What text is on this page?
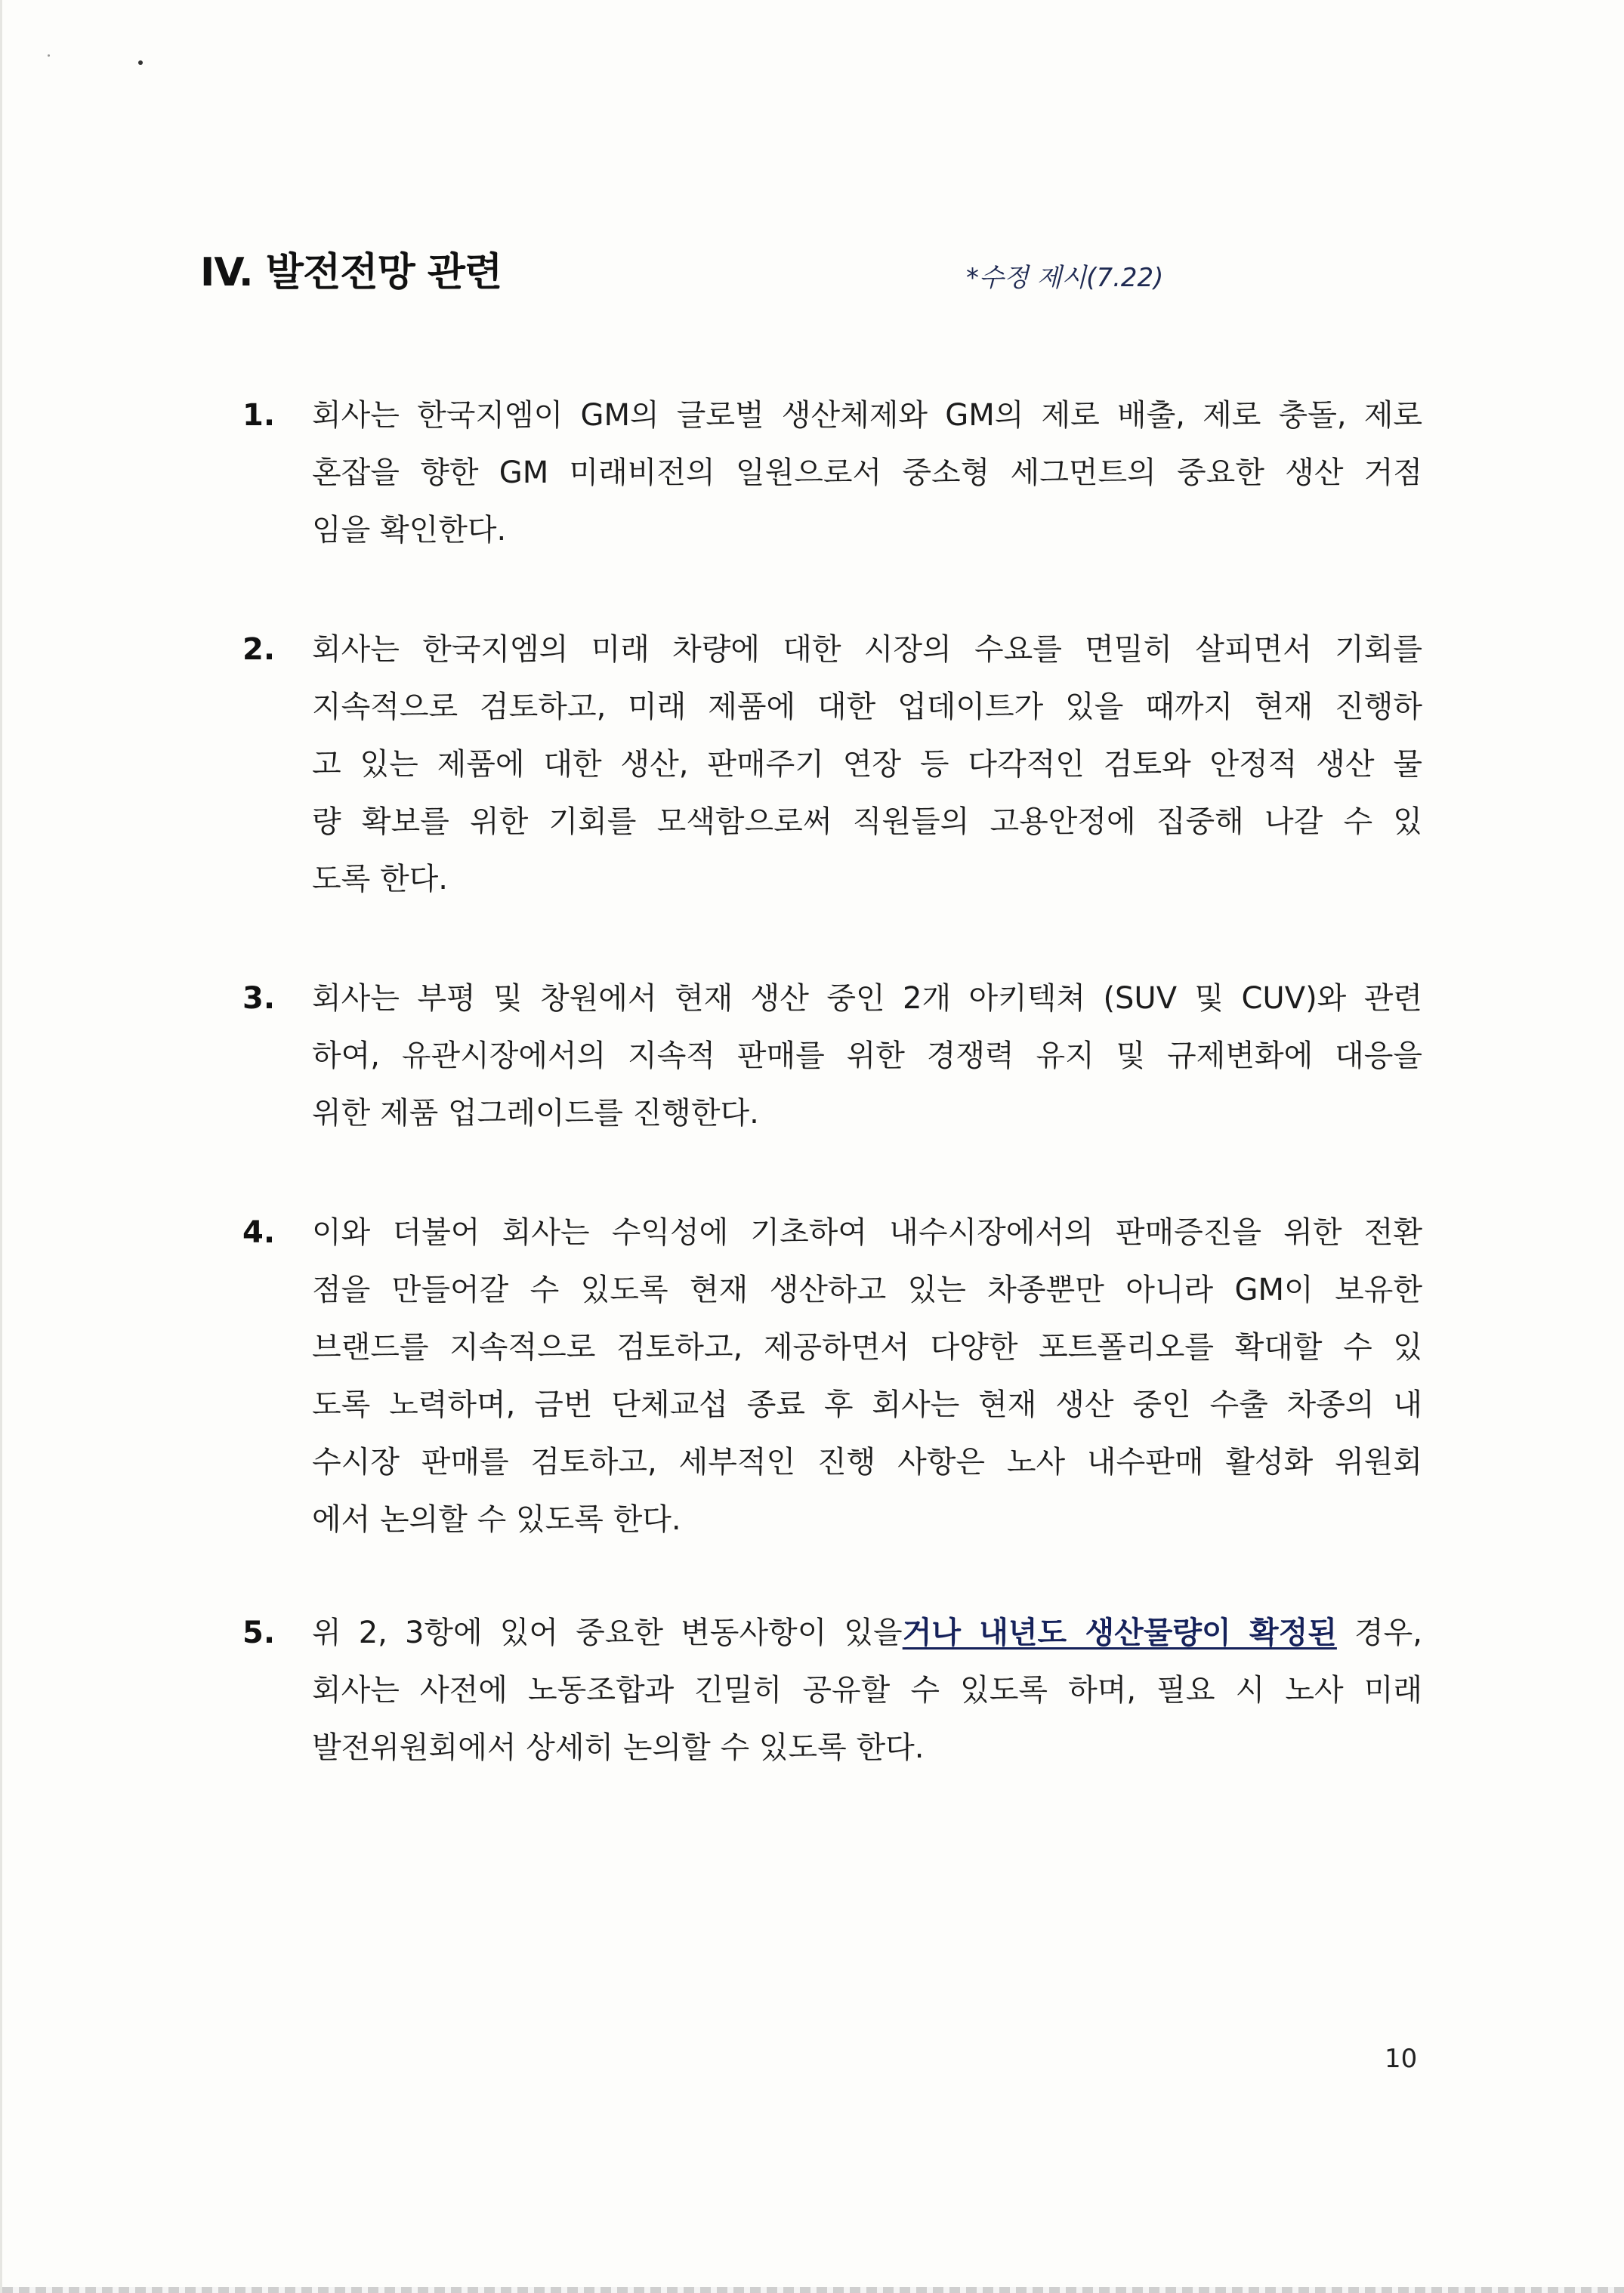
IV. 발전전망 관련	*수정 제시(7.22)
1. 회사는 한국지엠이 GM의 글로벌 생산체제와 GM의 제로 배출, 제로 충돌, 제로
혼잡을 향한 GM 미래비전의 일원으로서 중소형 세그먼트의 중요한 생산 거점
임을 확인한다.
2. 회사는 한국지엠의 미래 차량에 대한 시장의 수요를 면밀히 살피면서 기회를
지속적으로 검토하고, 미래 제품에 대한 업데이트가 있을 때까지 현재 진행하
고 있는 제품에 대한 생산, 판매주기 연장 등 다각적인 검토와 안정적 생산 물
량 확보를 위한 기회를 모색함으로써 직원들의 고용안정에 집중해 나갈 수 있
도록 한다.
3. 회사는 부평 및 창원에서 현재 생산 중인 2개 아키텍쳐 (SUV 및 CUV)와 관련
하여, 유관시장에서의 지속적 판매를 위한 경쟁력 유지 및 규제변화에 대응을
위한 제품 업그레이드를 진행한다.
4. 이와 더불어 회사는 수익성에 기초하여 내수시장에서의 판매증진을 위한 전환
점을 만들어갈 수 있도록 현재 생산하고 있는 차종뿐만 아니라 GM이 보유한
브랜드를 지속적으로 검토하고, 제공하면서 다양한 포트폴리오를 확대할 수 있
도록 노력하며, 금번 단체교섭 종료 후 회사는 현재 생산 중인 수출 차종의 내
수시장 판매를 검토하고, 세부적인 진행 사항은 노사 내수판매 활성화 위원회
에서 논의할 수 있도록 한다.
5. 위 2, 3항에 있어 중요한 변동사항이 있을거나 내년도 생산물량이 확정된 경우,
회사는 사전에 노동조합과 긴밀히 공유할 수 있도록 하며, 필요 시 노사 미래
발전위원회에서 상세히 논의할 수 있도록 한다.
10
